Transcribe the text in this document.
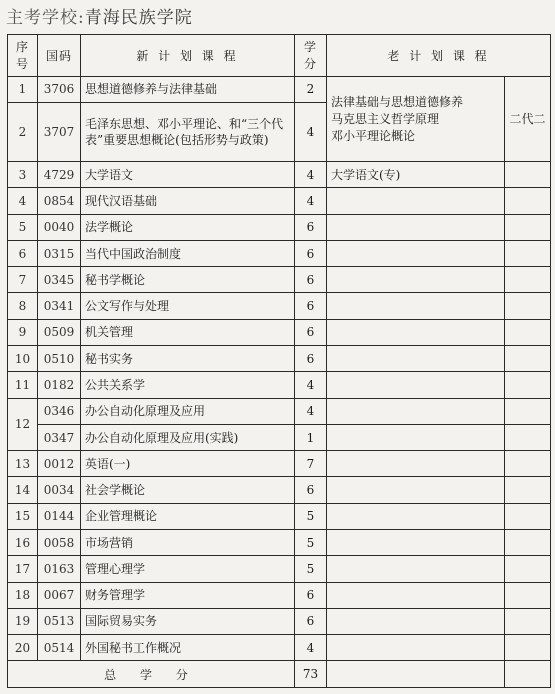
主考学校:青海民族学院
序号	国码	新 计 划 课 程	学分	老 计 划 课 程	
1	3706	思想道德修养与法律基础	2	法律基础与思想道德修养
马克思主义哲学原理
邓小平理论概论	二代二
2	3707	毛泽东思想、邓小平理论、和“三个代表”重要思想概论(包括形势与政策)	4		
3	4729	大学语文	4	大学语文(专)	
4	0854	现代汉语基础	4		
5	0040	法学概论	6		
6	0315	当代中国政治制度	6		
7	0345	秘书学概论	6		
8	0341	公文写作与处理	6		
9	0509	机关管理	6		
10	0510	秘书实务	6		
11	0182	公共关系学	4		
12	0346	办公自动化原理及应用	4		
	0347	办公自动化原理及应用(实践)	1		
13	0012	英语(一)	7		
14	0034	社会学概论	6		
15	0144	企业管理概论	5		
16	0058	市场营销	5		
17	0163	管理心理学	5		
18	0067	财务管理学	6		
19	0513	国际贸易实务	6		
20	0514	外国秘书工作概况	4		
总 学 分			73		
